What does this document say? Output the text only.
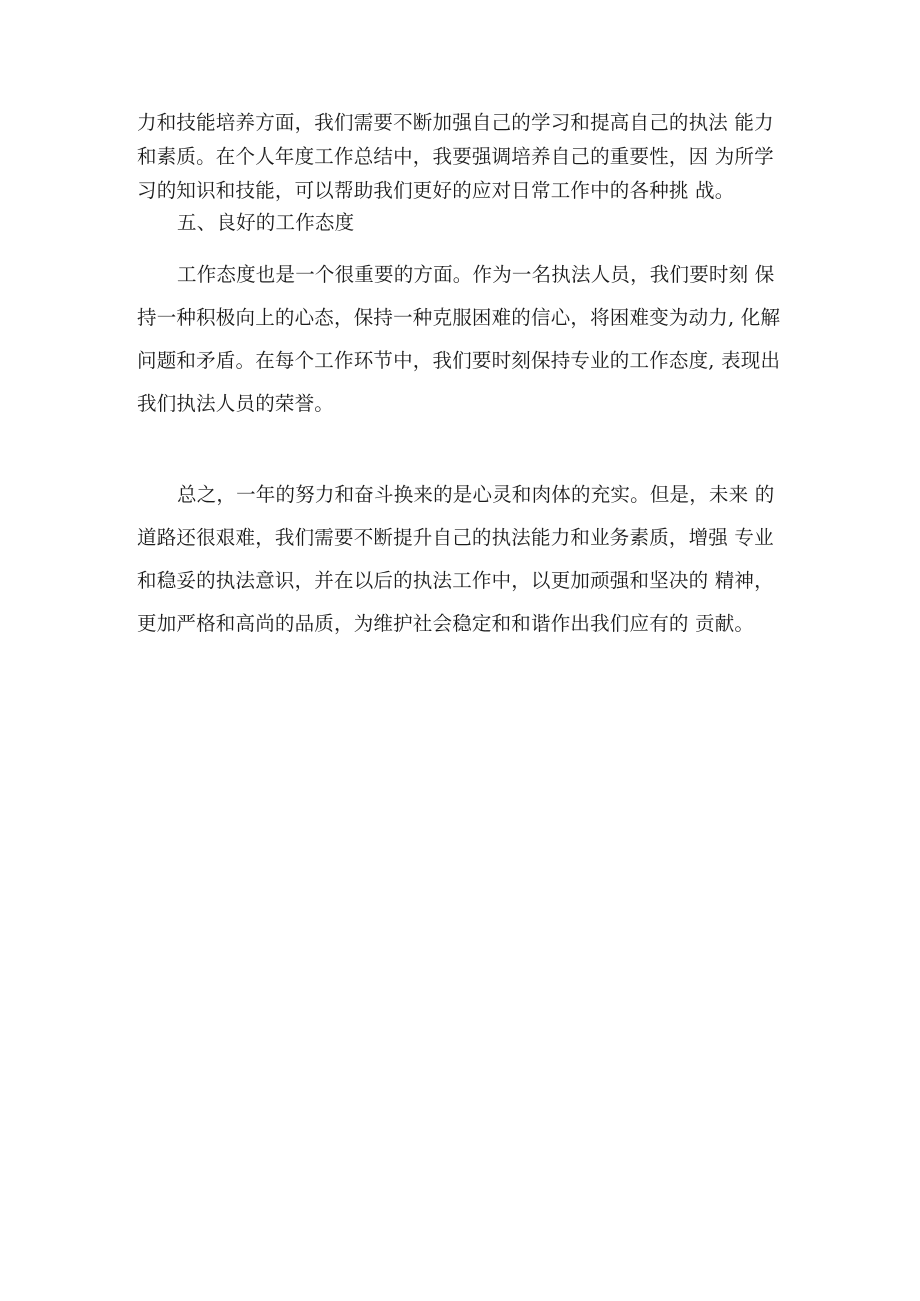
力和技能培养方面，我们需要不断加强自己的学习和提高自己的执法 能力
和素质。在个人年度工作总结中，我要强调培养自己的重要性，因 为所学
习的知识和技能，可以帮助我们更好的应对日常工作中的各种挑 战。
五、良好的工作态度
工作态度也是一个很重要的方面。作为一名执法人员，我们要时刻 保
持一种积极向上的心态，保持一种克服困难的信心，将困难变为动力, 化解
问题和矛盾。在每个工作环节中，我们要时刻保持专业的工作态度, 表现出
我们执法人员的荣誉。
总之，一年的努力和奋斗换来的是心灵和肉体的充实。但是，未来 的
道路还很艰难，我们需要不断提升自己的执法能力和业务素质，增强 专业
和稳妥的执法意识，并在以后的执法工作中，以更加顽强和坚决的 精神，
更加严格和高尚的品质，为维护社会稳定和和谐作出我们应有的 贡献。
